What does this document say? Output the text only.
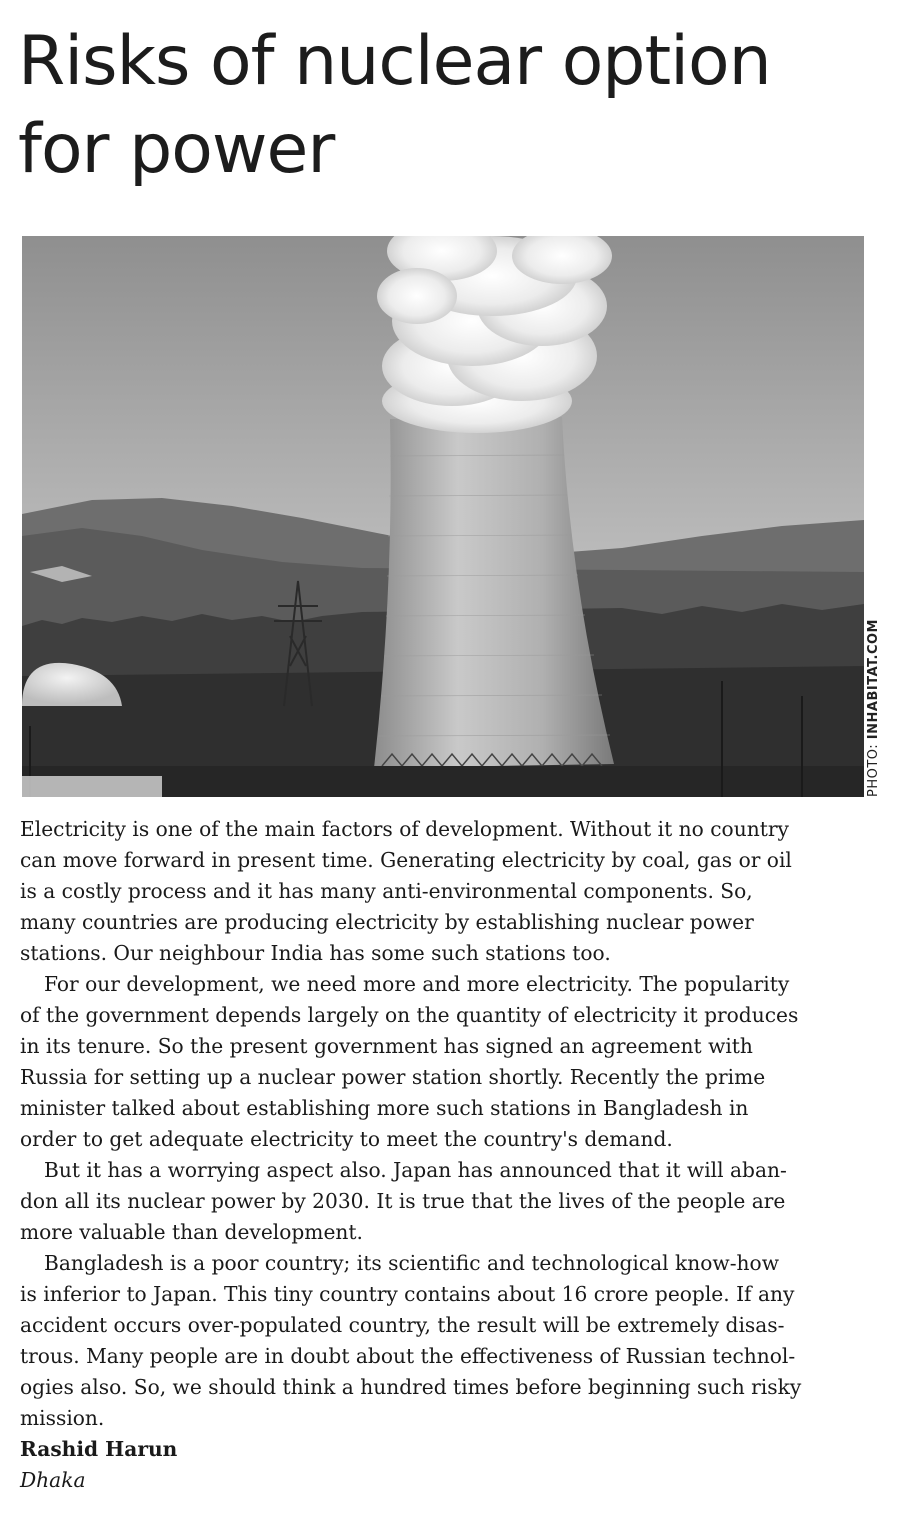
Risks of nuclear option
for power
PHOTO: INHABITAT.COM

Electricity is one of the main factors of development. Without it no country
can move forward in present time. Generating electricity by coal, gas or oil
is a costly process and it has many anti-environmental components. So,
many countries are producing electricity by establishing nuclear power
stations. Our neighbour India has some such stations too.

For our development, we need more and more electricity. The popularity
of the government depends largely on the quantity of electricity it produces
in its tenure. So the present government has signed an agreement with
Russia for setting up a nuclear power station shortly. Recently the prime
minister talked about establishing more such stations in Bangladesh in
order to get adequate electricity to meet the country's demand.

But it has a worrying aspect also. Japan has announced that it will aban-
don all its nuclear power by 2030. It is true that the lives of the people are
more valuable than development.

Bangladesh is a poor country; its scientific and technological know-how
is inferior to Japan. This tiny country contains about 16 crore people. If any
accident occurs over-populated country, the result will be extremely disas-
trous. Many people are in doubt about the effectiveness of Russian technol-
ogies also. So, we should think a hundred times before beginning such risky
mission.

Rashid Harun
Dhaka
